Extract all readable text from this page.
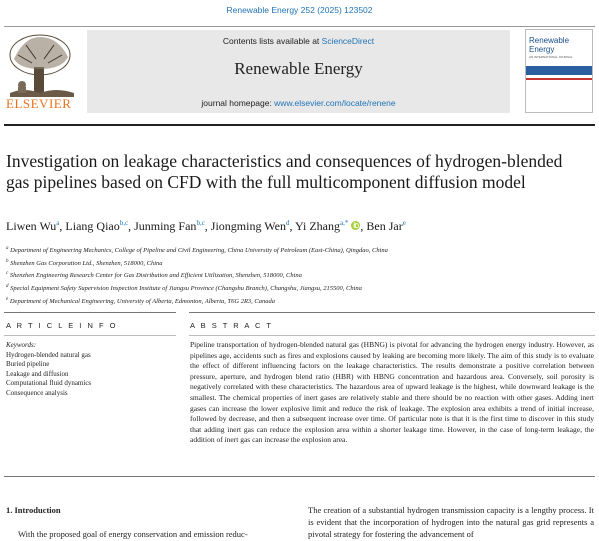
Renewable Energy 252 (2025) 123502
ELSEVIER
Contents lists available at ScienceDirect
Renewable Energy
journal homepage: www.elsevier.com/locate/renene
Renewable Energy
AN INTERNATIONAL JOURNAL
Investigation on leakage characteristics and consequences of hydrogen-blended gas pipelines based on CFD with the full multicomponent diffusion model
Liwen Wu$^a$, Liang Qiao$^{b,c}$, Junming Fan$^{b,c}$, Jiongming Wen$^d$, Yi Zhang$^{a,*}$ , Ben Jar$^e$
$^a$ Department of Engineering Mechanics, College of Pipeline and Civil Engineering, China University of Petroleum (East-China), Qingdao, China
$^b$ Shenzhen Gas Corporation Ltd., Shenzhen, 518000, China
$^c$ Shenzhen Engineering Research Center for Gas Distribution and Efficient Utilization, Shenzhen, 518000, China
$^d$ Special Equipment Safety Supervision Inspection Institute of Jiangsu Province (Changshu Branch), Changshu, Jiangsu, 215500, China
$^e$ Department of Mechanical Engineering, University of Alberta, Edmonton, Alberta, T6G 2R3, Canada
A R T I C L E I N F O	A B S T R A C T
Keywords:
Hydrogen-blended natural gas
Buried pipeline
Leakage and diffusion
Computational fluid dynamics
Consequence analysis
Pipeline transportation of hydrogen-blended natural gas (HBNG) is pivotal for advancing the hydrogen energy industry. However, as pipelines age, accidents such as fires and explosions caused by leaking are becoming more likely. The aim of this study is to evaluate the effect of different influencing factors on the leakage characteristics. The results demonstrate a positive correlation between pressure, aperture, and hydrogen blend ratio (HBR) with HBNG concentration and hazardous area. Conversely, soil porosity is negatively correlated with these characteristics. The hazardous area of upward leakage is the highest, while downward leakage is the smallest. The chemical properties of inert gases are relatively stable and there should be no reaction with other gases. Adding inert gases can increase the lower explosive limit and reduce the risk of leakage. The explosion area exhibits a trend of initial increase, followed by decrease, and then a subsequent increase over time. Of particular note is that it is the first time to discover in this study that adding inert gas can reduce the explosion area within a shorter leakage time. However, in the case of long-term leakage, the addition of inert gas can increase the explosion area.
1. Introduction
With the proposed goal of energy conservation and emission reduc-
The creation of a substantial hydrogen transmission capacity is a lengthy process. It is evident that the incorporation of hydrogen into the natural gas grid represents a pivotal strategy for fostering the advancement of
